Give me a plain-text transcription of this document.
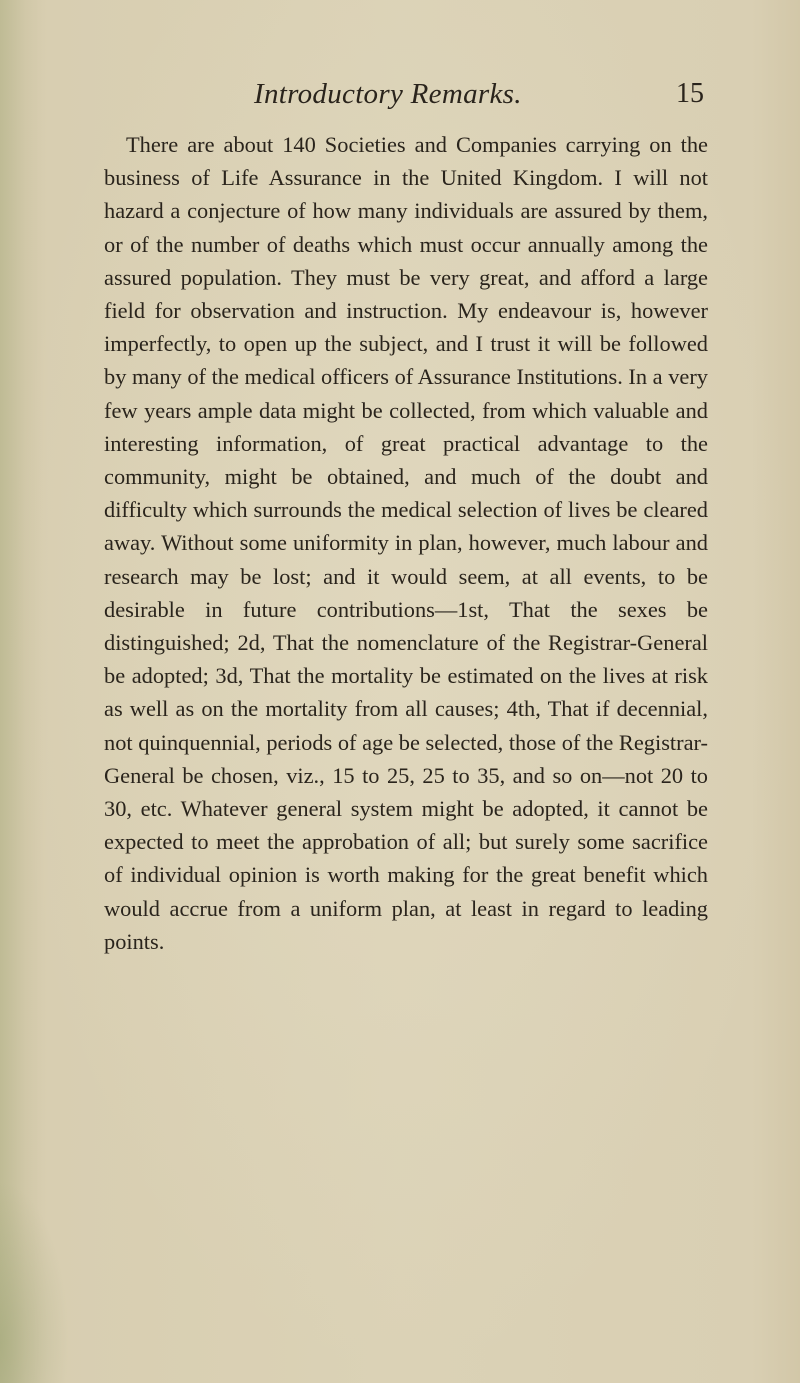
Introductory Remarks.	15

There are about 140 Societies and Companies carrying on the business of Life Assurance in the United Kingdom. I will not hazard a conjecture of how many individuals are assured by them, or of the number of deaths which must occur annually among the assured population. They must be very great, and afford a large field for observation and instruction. My endeavour is, however imperfectly, to open up the subject, and I trust it will be followed by many of the medical officers of Assurance Institutions. In a very few years ample data might be collected, from which valuable and interesting information, of great practical advantage to the community, might be obtained, and much of the doubt and difficulty which surrounds the medical selection of lives be cleared away. Without some uniformity in plan, however, much labour and research may be lost; and it would seem, at all events, to be desirable in future contributions—1st, That the sexes be distinguished; 2d, That the nomenclature of the Registrar-General be adopted; 3d, That the mortality be estimated on the lives at risk as well as on the mortality from all causes; 4th, That if decennial, not quinquennial, periods of age be selected, those of the Registrar-General be chosen, viz., 15 to 25, 25 to 35, and so on—not 20 to 30, etc. Whatever general system might be adopted, it cannot be expected to meet the approbation of all; but surely some sacrifice of individual opinion is worth making for the great benefit which would accrue from a uniform plan, at least in regard to leading points.
